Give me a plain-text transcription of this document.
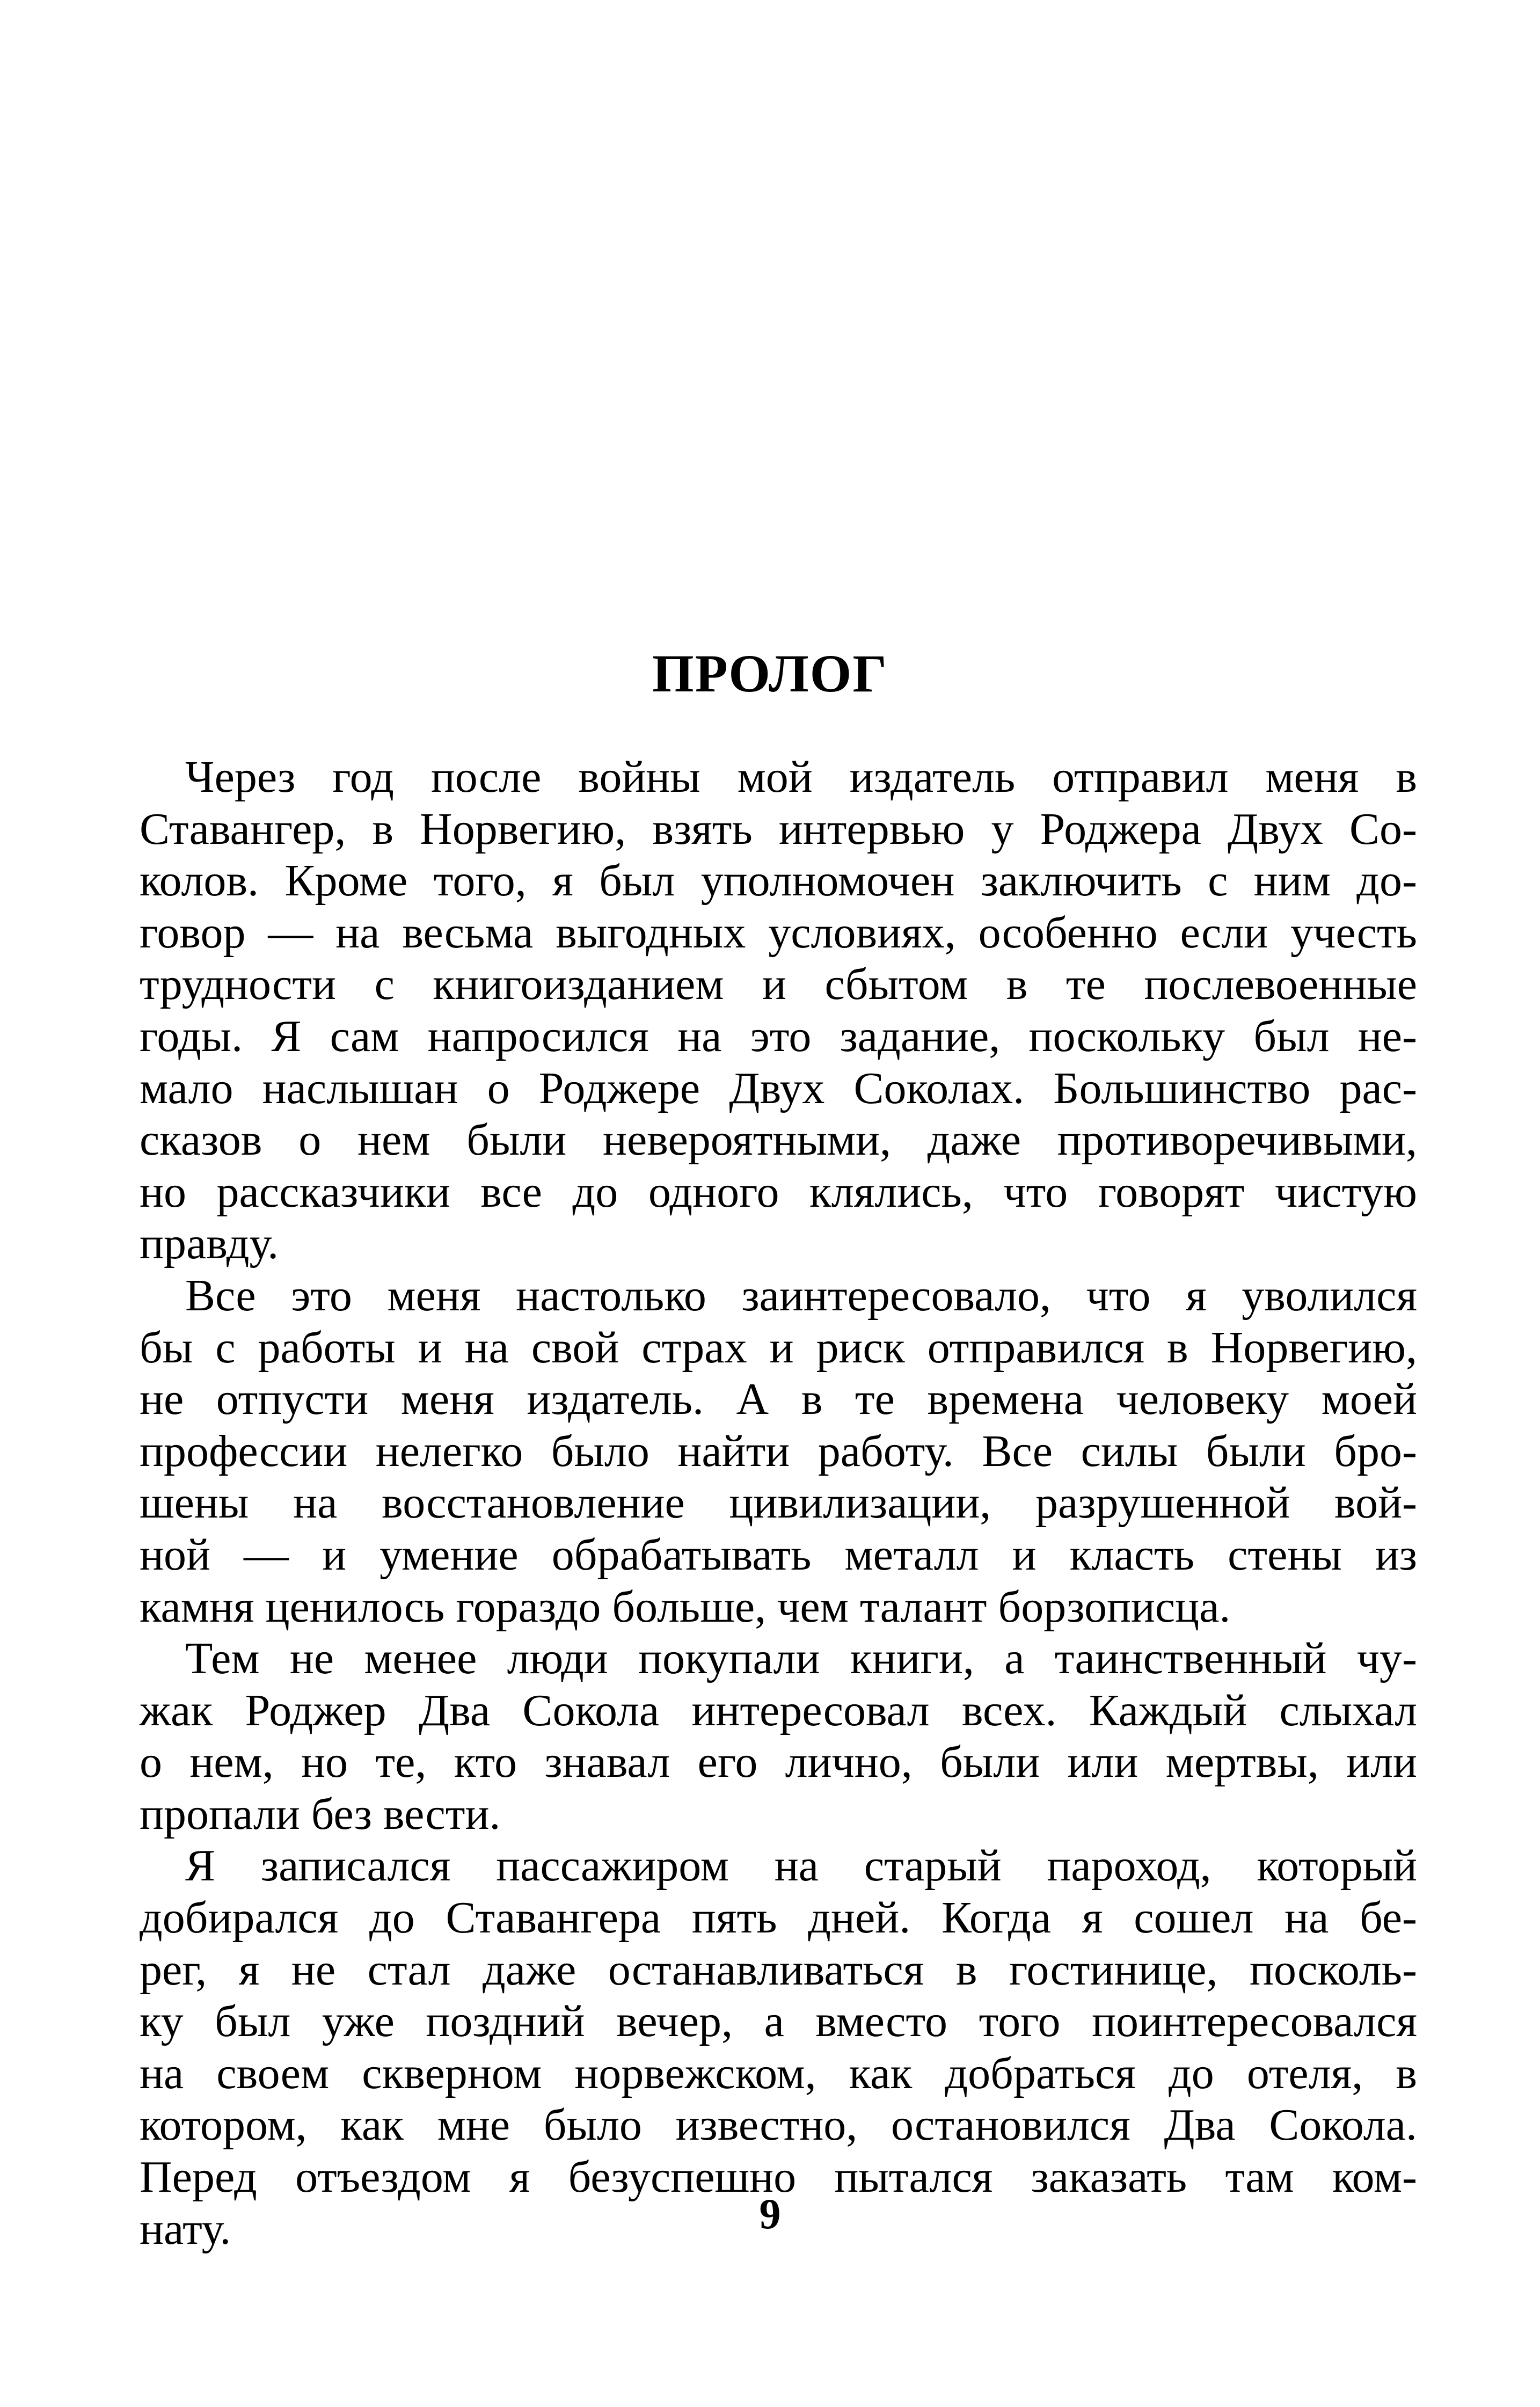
ПРОЛОГ
Через год после войны мой издатель отправил меня в
Ставангер, в Норвегию, взять интервью у Роджера Двух Со-
колов. Кроме того, я был уполномочен заключить с ним до-
говор — на весьма выгодных условиях, особенно если учесть
трудности с книгоизданием и сбытом в те послевоенные
годы. Я сам напросился на это задание, поскольку был не-
мало наслышан о Роджере Двух Соколах. Большинство рас-
сказов о нем были невероятными, даже противоречивыми,
но рассказчики все до одного клялись, что говорят чистую
правду.
Все это меня настолько заинтересовало, что я уволился
бы с работы и на свой страх и риск отправился в Норвегию,
не отпусти меня издатель. А в те времена человеку моей
профессии нелегко было найти работу. Все силы были бро-
шены на восстановление цивилизации, разрушенной вой-
ной — и умение обрабатывать металл и класть стены из
камня ценилось гораздо больше, чем талант борзописца.
Тем не менее люди покупали книги, а таинственный чу-
жак Роджер Два Сокола интересовал всех. Каждый слыхал
о нем, но те, кто знавал его лично, были или мертвы, или
пропали без вести.
Я записался пассажиром на старый пароход, который
добирался до Ставангера пять дней. Когда я сошел на бе-
рег, я не стал даже останавливаться в гостинице, посколь-
ку был уже поздний вечер, а вместо того поинтересовался
на своем скверном норвежском, как добраться до отеля, в
котором, как мне было известно, остановился Два Сокола.
Перед отъездом я безуспешно пытался заказать там ком-
нату.	9
